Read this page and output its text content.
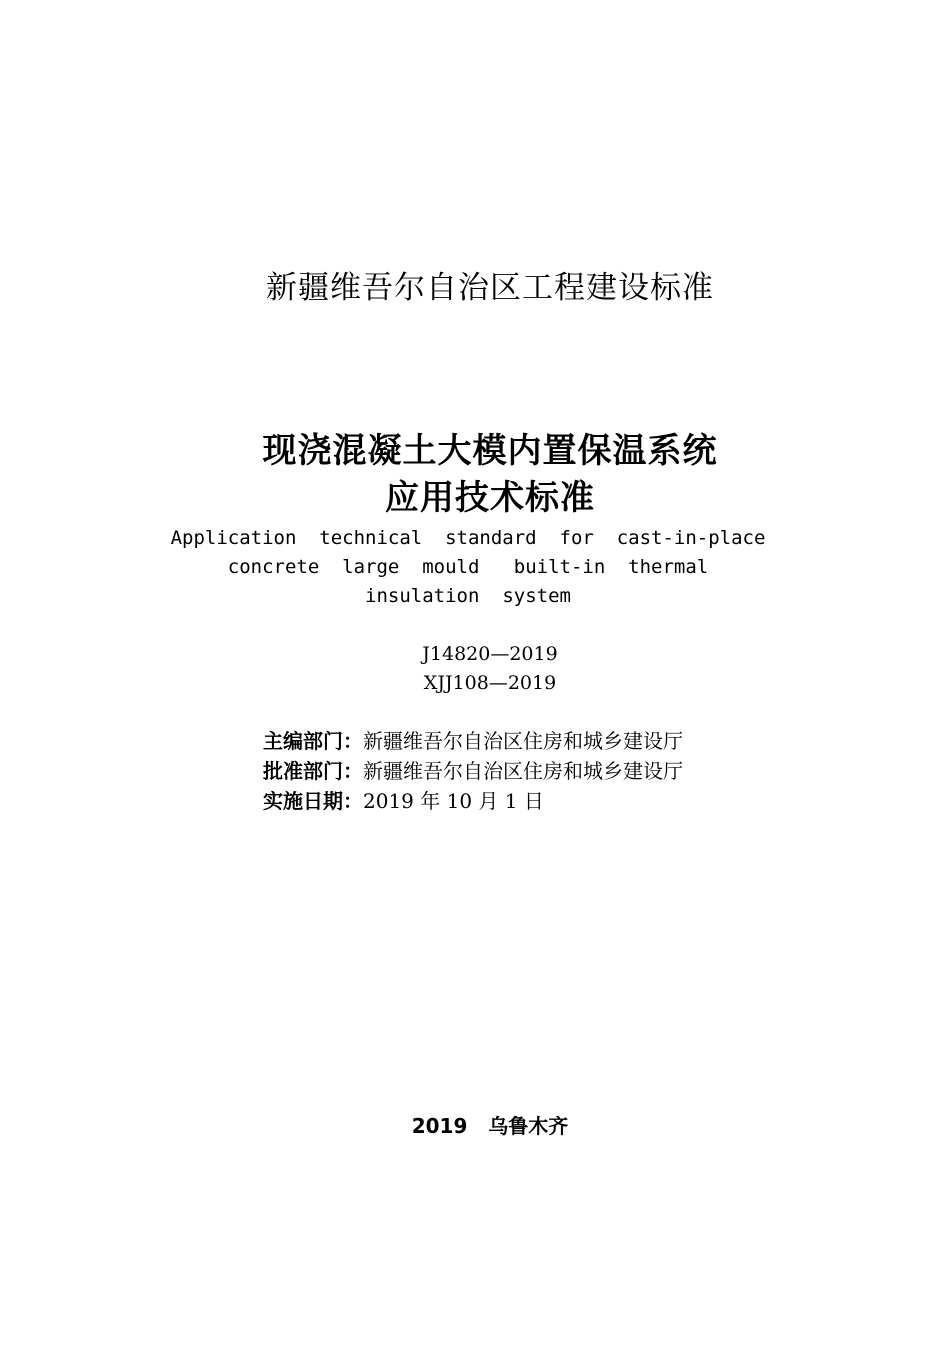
新疆维吾尔自治区工程建设标准
现浇混凝土大模内置保温系统
应用技术标准
Application  technical  standard  for  cast-in-place
concrete  large  mould   built-in  thermal
insulation  system
J14820—2019
XJJ108—2019
主编部门：新疆维吾尔自治区住房和城乡建设厅
批准部门：新疆维吾尔自治区住房和城乡建设厅
实施日期：2019 年 10 月 1 日
2019 乌鲁木齐
